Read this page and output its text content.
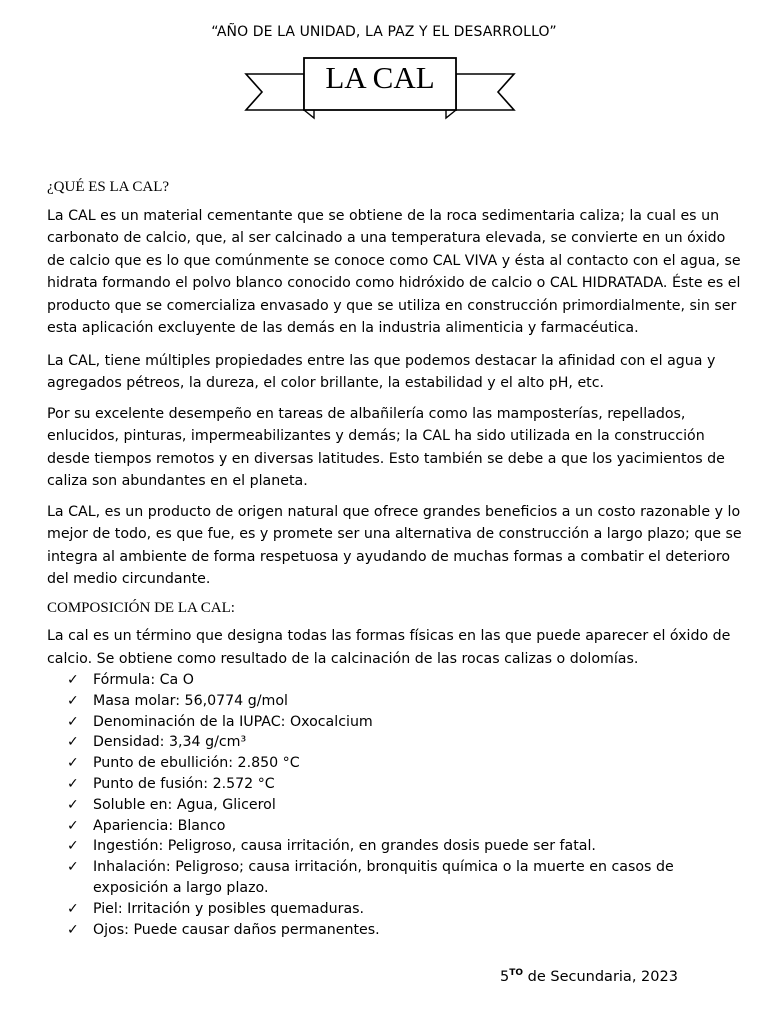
“AÑO DE LA UNIDAD, LA PAZ Y EL DESARROLLO”
LA CAL

¿QUÉ ES LA CAL?

La CAL es un material cementante que se obtiene de la roca sedimentaria caliza; la cual es un carbonato de calcio, que, al ser calcinado a una temperatura elevada, se convierte en un óxido de calcio que es lo que comúnmente se conoce como CAL VIVA y ésta al contacto con el agua, se hidrata formando el polvo blanco conocido como hidróxido de calcio o CAL HIDRATADA. Éste es el producto que se comercializa envasado y que se utiliza en construcción primordialmente, sin ser esta aplicación excluyente de las demás en la industria alimenticia y farmacéutica.

La CAL, tiene múltiples propiedades entre las que podemos destacar la afinidad con el agua y agregados pétreos, la dureza, el color brillante, la estabilidad y el alto pH, etc.

Por su excelente desempeño en tareas de albañilería como las mamposterías, repellados, enlucidos, pinturas, impermeabilizantes y demás; la CAL ha sido utilizada en la construcción desde tiempos remotos y en diversas latitudes. Esto también se debe a que los yacimientos de caliza son abundantes en el planeta.

La CAL, es un producto de origen natural que ofrece grandes beneficios a un costo razonable y lo mejor de todo, es que fue, es y promete ser una alternativa de construcción a largo plazo; que se integra al ambiente de forma respetuosa y ayudando de muchas formas a combatir el deterioro del medio circundante.

COMPOSICIÓN DE LA CAL:

La cal es un término que designa todas las formas físicas en las que puede aparecer el óxido de calcio. Se obtiene como resultado de la calcinación de las rocas calizas o dolomías.

✓ Fórmula: Ca O
✓ Masa molar: 56,0774 g/mol
✓ Denominación de la IUPAC: Oxocalcium
✓ Densidad: 3,34 g/cm³
✓ Punto de ebullición: 2.850 °C
✓ Punto de fusión: 2.572 °C
✓ Soluble en: Agua, Glicerol
✓ Apariencia: Blanco
✓ Ingestión: Peligroso, causa irritación, en grandes dosis puede ser fatal.
✓ Inhalación: Peligroso; causa irritación, bronquitis química o la muerte en casos de exposición a largo plazo.
✓ Piel: Irritación y posibles quemaduras.
✓ Ojos: Puede causar daños permanentes.
$5^{TO}$ de Secundaria, 2023
